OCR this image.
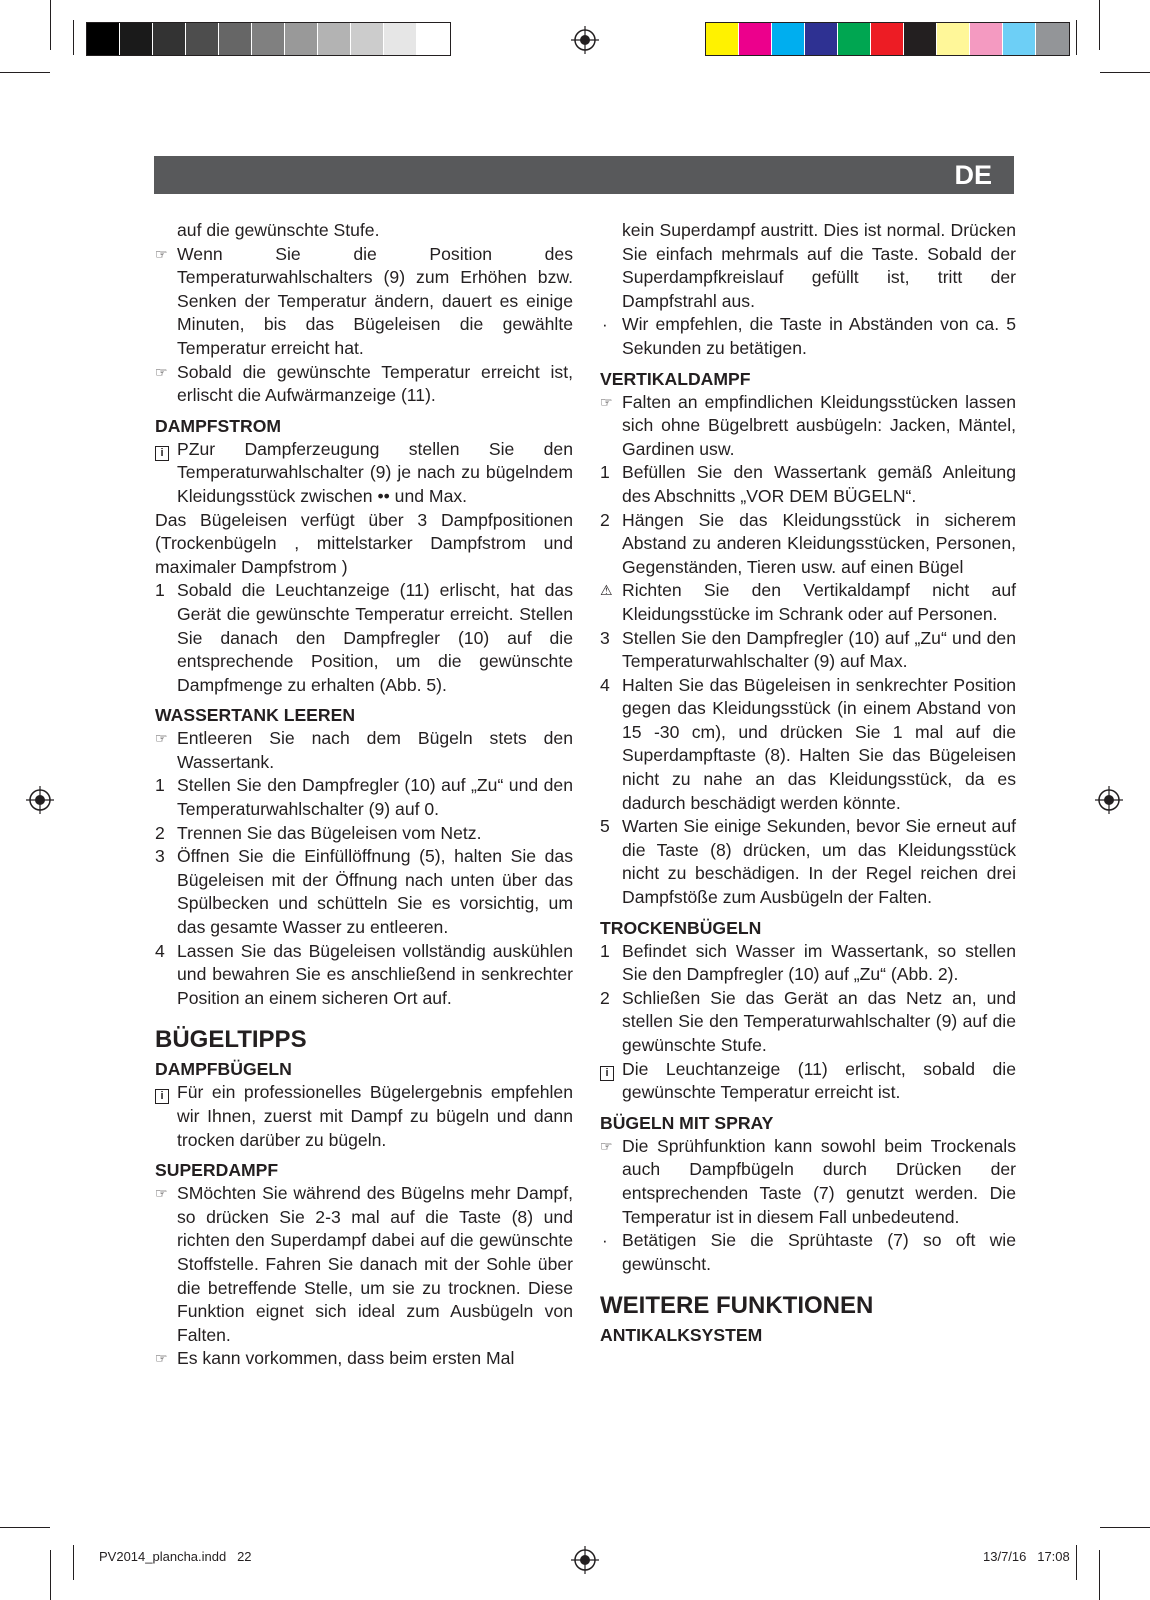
DE
auf die gewünschte Stufe.
☞ Wenn Sie die Position des Temperaturwahlschalters (9) zum Erhöhen bzw. Senken der Temperatur ändern, dauert es einige Minuten, bis das Bügeleisen die gewählte Temperatur erreicht hat.
☞ Sobald die gewünschte Temperatur erreicht ist, erlischt die Aufwärmanzeige (11).
DAMPFSTROM
i PZur Dampferzeugung stellen Sie den Temperaturwahlschalter (9) je nach zu bügelndem Kleidungsstück zwischen •• und Max.

Das Bügeleisen verfügt über 3 Dampfpositionen (Trockenbügeln , mittelstarker Dampfstrom und maximaler Dampfstrom )

1 Sobald die Leuchtanzeige (11) erlischt, hat das Gerät die gewünschte Temperatur erreicht. Stellen Sie danach den Dampfregler (10) auf die entsprechende Position, um die gewünschte Dampfmenge zu erhalten (Abb. 5).
WASSERTANK LEEREN
☞ Entleeren Sie nach dem Bügeln stets den Wassertank.
1 Stellen Sie den Dampfregler (10) auf „Zu“ und den Temperaturwahlschalter (9) auf 0.
2 Trennen Sie das Bügeleisen vom Netz.
3 Öffnen Sie die Einfüllöffnung (5), halten Sie das Bügeleisen mit der Öffnung nach unten über das Spülbecken und schütteln Sie es vorsichtig, um das gesamte Wasser zu entleeren.
4 Lassen Sie das Bügeleisen vollständig auskühlen und bewahren Sie es anschließend in senkrechter Position an einem sicheren Ort auf.
BÜGELTIPPS
DAMPFBÜGELN
i Für ein professionelles Bügelergebnis empfehlen wir Ihnen, zuerst mit Dampf zu bügeln und dann trocken darüber zu bügeln.
SUPERDAMPF
☞ SMöchten Sie während des Bügelns mehr Dampf, so drücken Sie 2-3 mal auf die Taste (8) und richten den Superdampf dabei auf die gewünschte Stoffstelle. Fahren Sie danach mit der Sohle über die betreffende Stelle, um sie zu trocknen. Diese Funktion eignet sich ideal zum Ausbügeln von Falten.
☞ Es kann vorkommen, dass beim ersten Mal
kein Superdampf austritt. Dies ist normal. Drücken Sie einfach mehrmals auf die Taste. Sobald der Superdampfkreislauf gefüllt ist, tritt der Dampfstrahl aus.
· Wir empfehlen, die Taste in Abständen von ca. 5 Sekunden zu betätigen.
VERTIKALDAMPF
☞ Falten an empfindlichen Kleidungsstücken lassen sich ohne Bügelbrett ausbügeln: Jacken, Mäntel, Gardinen usw.
1 Befüllen Sie den Wassertank gemäß Anleitung des Abschnitts „VOR DEM BÜGELN“.
2 Hängen Sie das Kleidungsstück in sicherem Abstand zu anderen Kleidungsstücken, Personen, Gegenständen, Tieren usw. auf einen Bügel
⚠ Richten Sie den Vertikaldampf nicht auf Kleidungsstücke im Schrank oder auf Personen.
3 Stellen Sie den Dampfregler (10) auf „Zu“ und den Temperaturwahlschalter (9) auf Max.
4 Halten Sie das Bügeleisen in senkrechter Position gegen das Kleidungsstück (in einem Abstand von 15 -30 cm), und drücken Sie 1 mal auf die Superdampftaste (8). Halten Sie das Bügeleisen nicht zu nahe an das Kleidungsstück, da es dadurch beschädigt werden könnte.
5 Warten Sie einige Sekunden, bevor Sie erneut auf die Taste (8) drücken, um das Kleidungsstück nicht zu beschädigen. In der Regel reichen drei Dampfstöße zum Ausbügeln der Falten.
TROCKENBÜGELN
1 Befindet sich Wasser im Wassertank, so stellen Sie den Dampfregler (10) auf „Zu“ (Abb. 2).
2 Schließen Sie das Gerät an das Netz an, und stellen Sie den Temperaturwahlschalter (9) auf die gewünschte Stufe.
i Die Leuchtanzeige (11) erlischt, sobald die gewünschte Temperatur erreicht ist.
BÜGELN MIT SPRAY
☞ Die Sprühfunktion kann sowohl beim Trockenals auch Dampfbügeln durch Drücken der entsprechenden Taste (7) genutzt werden. Die Temperatur ist in diesem Fall unbedeutend.
· Betätigen Sie die Sprühtaste (7) so oft wie gewünscht.
WEITERE FUNKTIONEN
ANTIKALKSYSTEM
PV2014_plancha.indd 22	13/7/16 17:08
